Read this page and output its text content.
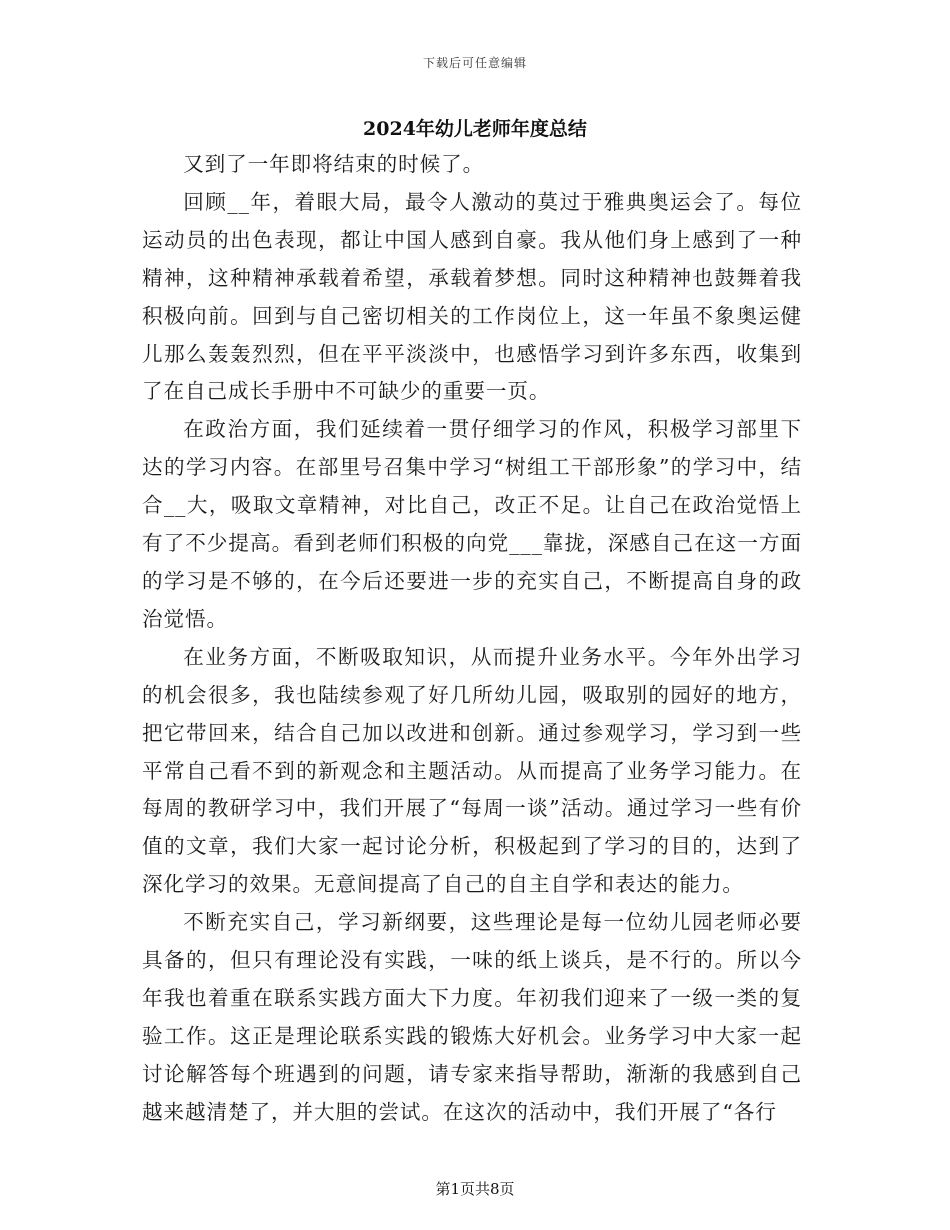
下载后可任意编辑
2024年幼儿老师年度总结

又到了一年即将结束的时候了。

回顾__年，着眼大局，最令人激动的莫过于雅典奥运会了。每位运动员的出色表现，都让中国人感到自豪。我从他们身上感到了一种精神，这种精神承载着希望，承载着梦想。同时这种精神也鼓舞着我积极向前。回到与自己密切相关的工作岗位上，这一年虽不象奥运健儿那么轰轰烈烈，但在平平淡淡中，也感悟学习到许多东西，收集到了在自己成长手册中不可缺少的重要一页。

在政治方面，我们延续着一贯仔细学习的作风，积极学习部里下达的学习内容。在部里号召集中学习“树组工干部形象”的学习中，结合__大，吸取文章精神，对比自己，改正不足。让自己在政治觉悟上有了不少提高。看到老师们积极的向党___靠拢，深感自己在这一方面的学习是不够的，在今后还要进一步的充实自己，不断提高自身的政治觉悟。

在业务方面，不断吸取知识，从而提升业务水平。今年外出学习的机会很多，我也陆续参观了好几所幼儿园，吸取别的园好的地方，把它带回来，结合自己加以改进和创新。通过参观学习，学习到一些平常自己看不到的新观念和主题活动。从而提高了业务学习能力。在每周的教研学习中，我们开展了“每周一谈”活动。通过学习一些有价值的文章，我们大家一起讨论分析，积极起到了学习的目的，达到了深化学习的效果。无意间提高了自己的自主自学和表达的能力。

不断充实自己，学习新纲要，这些理论是每一位幼儿园老师必要具备的，但只有理论没有实践，一味的纸上谈兵，是不行的。所以今年我也着重在联系实践方面大下力度。年初我们迎来了一级一类的复验工作。这正是理论联系实践的锻炼大好机会。业务学习中大家一起讨论解答每个班遇到的问题，请专家来指导帮助，渐渐的我感到自己越来越清楚了，并大胆的尝试。在这次的活动中，我们开展了“各行

第1页共8页
